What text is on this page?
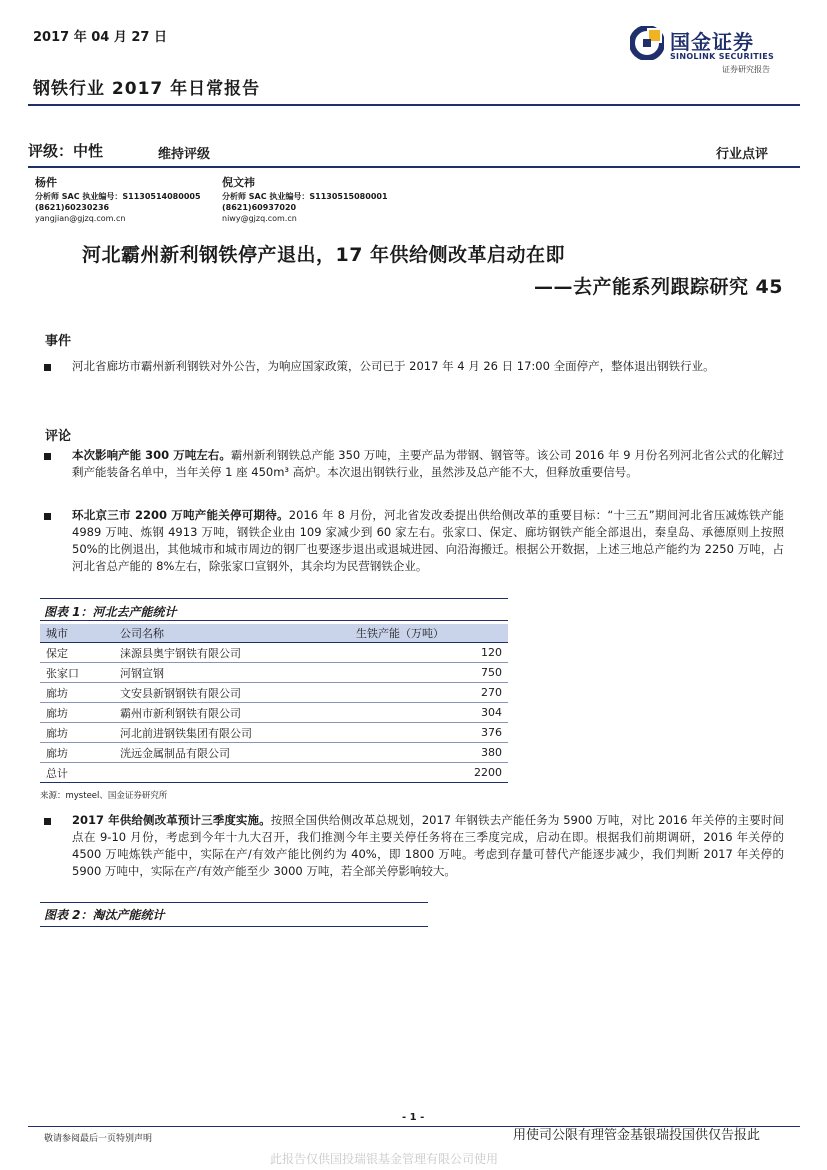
2017 年 04 月 27 日
钢铁行业 2017 年日常报告
国金证券
SINOLINK SECURITIES
证券研究报告
评级：中性	维持评级	行业点评
杨件
分析师 SAC 执业编号：S1130514080005
(8621)60230236
yangjian@gjzq.com.cn
倪文祎
分析师 SAC 执业编号：S1130515080001
(8621)60937020
niwy@gjzq.com.cn
河北霸州新利钢铁停产退出，17 年供给侧改革启动在即
——去产能系列跟踪研究 45
事件
河北省廊坊市霸州新利钢铁对外公告，为响应国家政策，公司已于 2017 年 4 月 26 日 17:00 全面停产，整体退出钢铁行业。
评论
本次影响产能 300 万吨左右。霸州新利钢铁总产能 350 万吨，主要产品为带钢、钢管等。该公司 2016 年 9 月份名列河北省公式的化解过剩产能装备名单中，当年关停 1 座 450m³ 高炉。本次退出钢铁行业，虽然涉及总产能不大，但释放重要信号。
环北京三市 2200 万吨产能关停可期待。2016 年 8 月份，河北省发改委提出供给侧改革的重要目标：“十三五”期间河北省压减炼铁产能 4989 万吨、炼钢 4913 万吨，钢铁企业由 109 家减少到 60 家左右。张家口、保定、廊坊钢铁产能全部退出，秦皇岛、承德原则上按照 50%的比例退出，其他城市和城市周边的钢厂也要逐步退出或退城进园、向沿海搬迁。根据公开数据，上述三地总产能约为 2250 万吨，占河北省总产能的 8%左右，除张家口宣钢外，其余均为民营钢铁企业。
图表 1：河北去产能统计
城市	公司名称	生铁产能（万吨）
保定	涞源县奥宇钢铁有限公司	120
张家口	河钢宣钢	750
廊坊	文安县新钢钢铁有限公司	270
廊坊	霸州市新利钢铁有限公司	304
廊坊	河北前进钢铁集团有限公司	376
廊坊	洸远金属制品有限公司	380
总计		2200
来源：mysteel、国金证券研究所
2017 年供给侧改革预计三季度实施。按照全国供给侧改革总规划，2017 年钢铁去产能任务为 5900 万吨，对比 2016 年关停的主要时间点在 9-10 月份，考虑到今年十九大召开，我们推测今年主要关停任务将在三季度完成，启动在即。根据我们前期调研，2016 年关停的 4500 万吨炼铁产能中，实际在产/有效产能比例约为 40%，即 1800 万吨。考虑到存量可替代产能逐步减少，我们判断 2017 年关停的 5900 万吨中，实际在产/有效产能至少 3000 万吨，若全部关停影响较大。
图表 2：淘汰产能统计
- 1 -
敬请参阅最后一页特别声明	用使司公限有理管金基银瑞投国供仅告报此
此报告仅供国投瑞银基金管理有限公司使用
